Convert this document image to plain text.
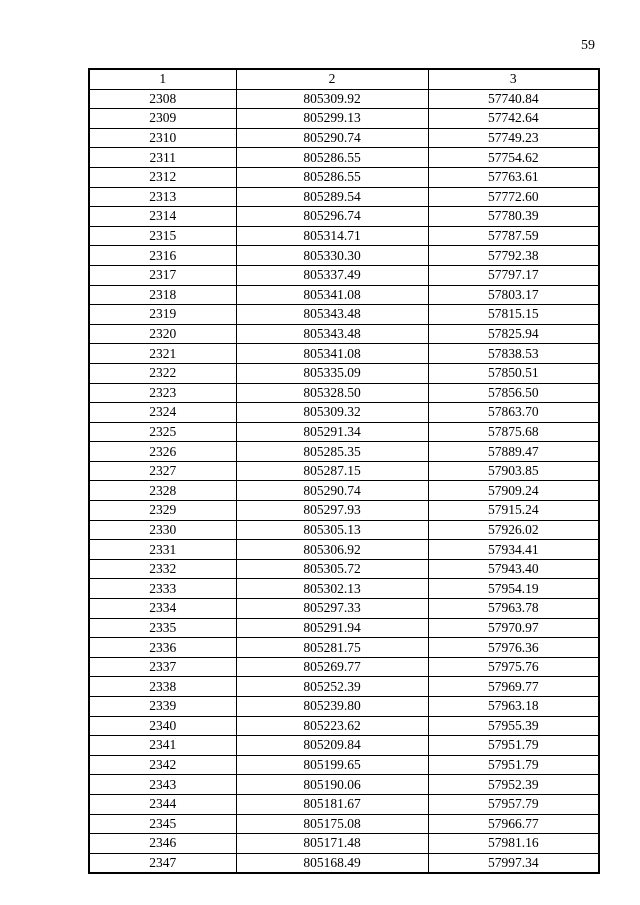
59
1	2	3
2308	805309.92	57740.84
2309	805299.13	57742.64
2310	805290.74	57749.23
2311	805286.55	57754.62
2312	805286.55	57763.61
2313	805289.54	57772.60
2314	805296.74	57780.39
2315	805314.71	57787.59
2316	805330.30	57792.38
2317	805337.49	57797.17
2318	805341.08	57803.17
2319	805343.48	57815.15
2320	805343.48	57825.94
2321	805341.08	57838.53
2322	805335.09	57850.51
2323	805328.50	57856.50
2324	805309.32	57863.70
2325	805291.34	57875.68
2326	805285.35	57889.47
2327	805287.15	57903.85
2328	805290.74	57909.24
2329	805297.93	57915.24
2330	805305.13	57926.02
2331	805306.92	57934.41
2332	805305.72	57943.40
2333	805302.13	57954.19
2334	805297.33	57963.78
2335	805291.94	57970.97
2336	805281.75	57976.36
2337	805269.77	57975.76
2338	805252.39	57969.77
2339	805239.80	57963.18
2340	805223.62	57955.39
2341	805209.84	57951.79
2342	805199.65	57951.79
2343	805190.06	57952.39
2344	805181.67	57957.79
2345	805175.08	57966.77
2346	805171.48	57981.16
2347	805168.49	57997.34
